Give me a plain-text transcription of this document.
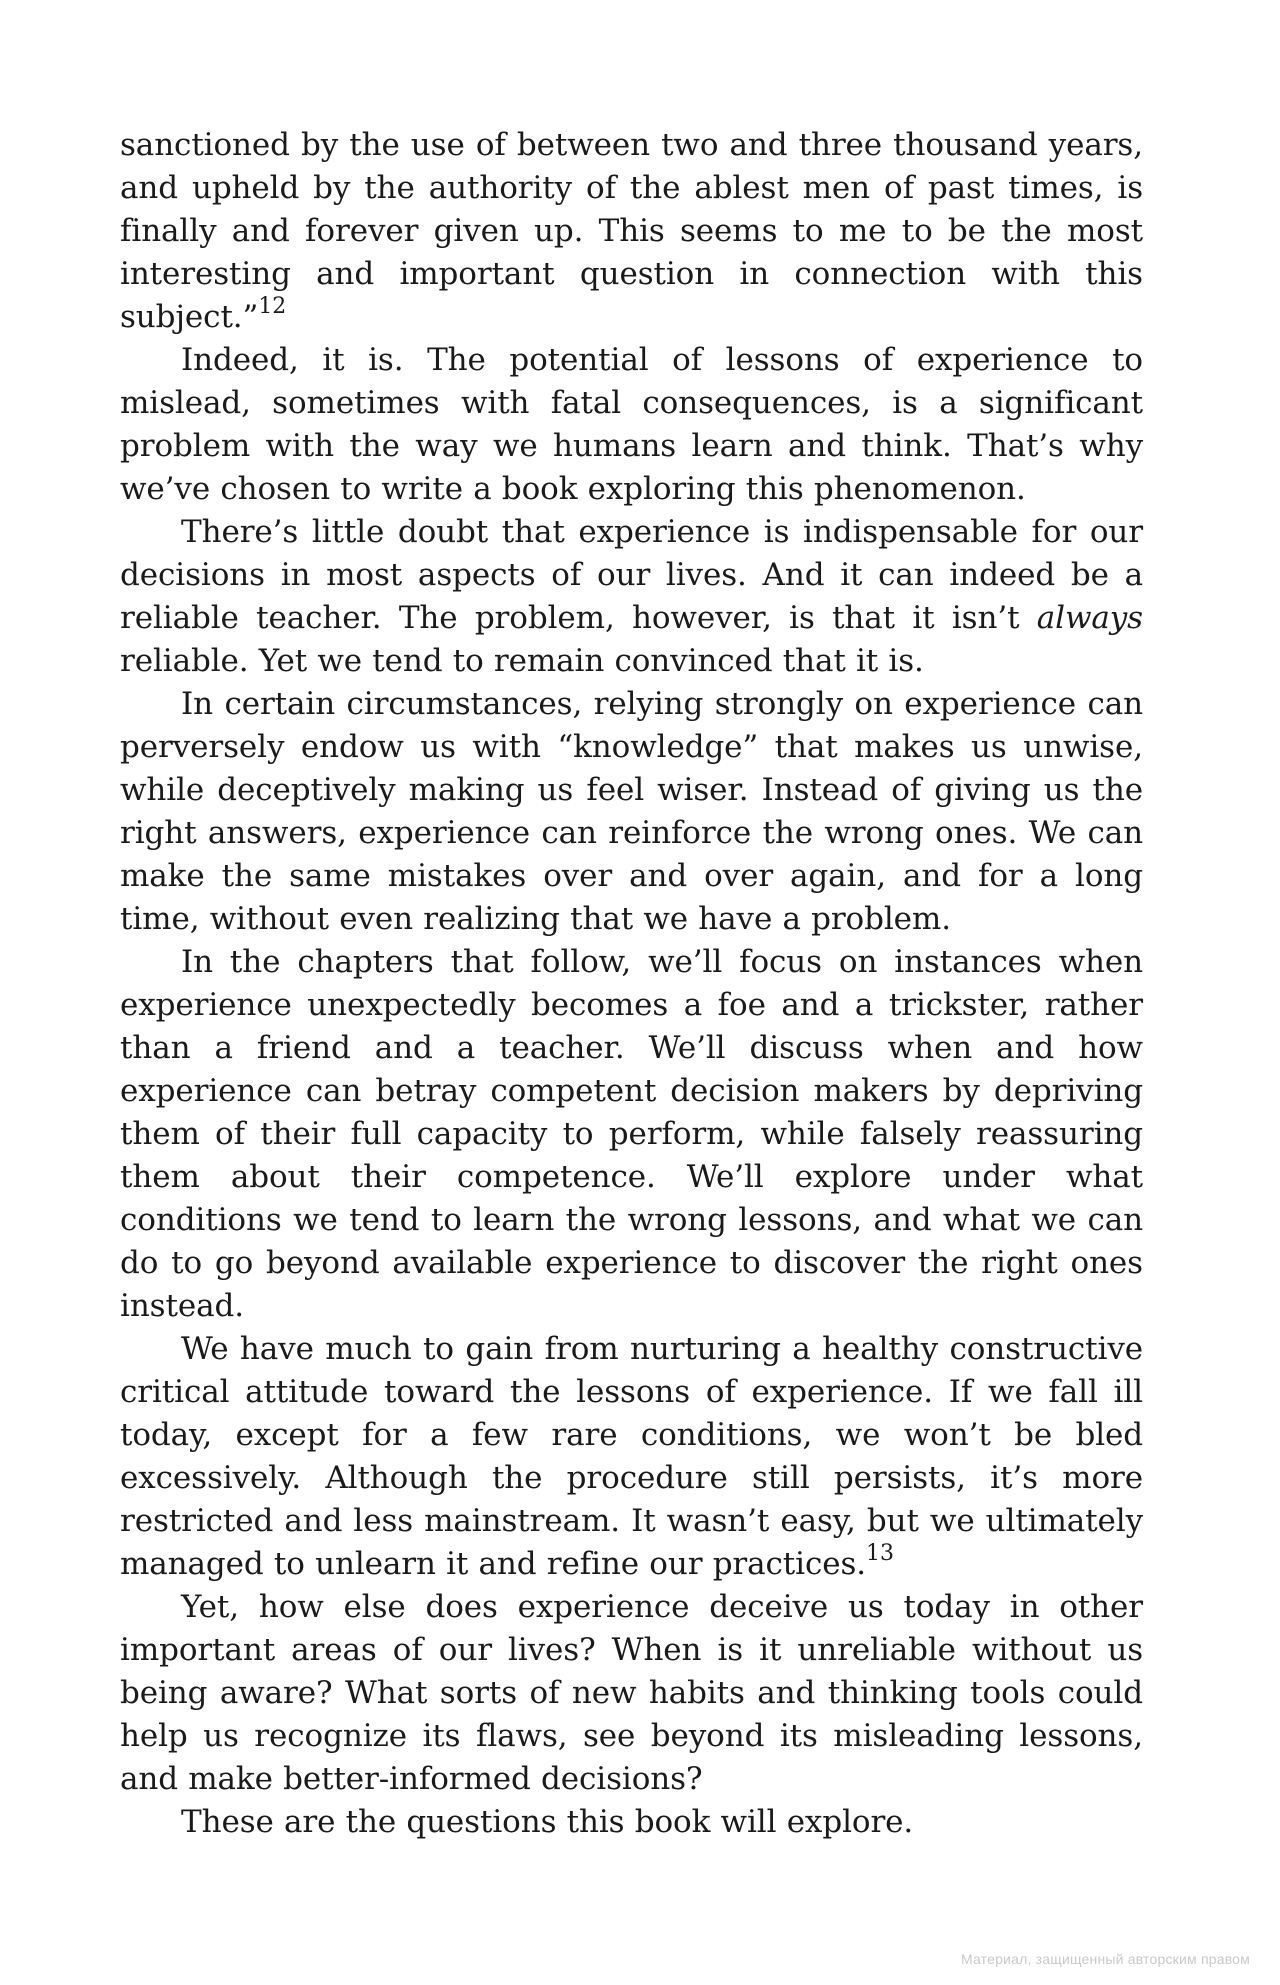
sanctioned by the use of between two and three thousand years, and upheld by the authority of the ablest men of past times, is finally and forever given up. This seems to me to be the most interesting and important question in connection with this subject.”$^{12}$

Indeed, it is. The potential of lessons of experience to mislead, sometimes with fatal consequences, is a significant problem with the way we humans learn and think. That’s why we’ve chosen to write a book exploring this phenomenon.

There’s little doubt that experience is indispensable for our decisions in most aspects of our lives. And it can indeed be a reliable teacher. The problem, however, is that it isn’t always reliable. Yet we tend to remain convinced that it is.

In certain circumstances, relying strongly on experience can perversely endow us with “knowledge” that makes us unwise, while deceptively making us feel wiser. Instead of giving us the right answers, experience can reinforce the wrong ones. We can make the same mistakes over and over again, and for a long time, without even realizing that we have a problem.

In the chapters that follow, we’ll focus on instances when experience unexpectedly becomes a foe and a trickster, rather than a friend and a teacher. We’ll discuss when and how experience can betray competent decision makers by depriving them of their full capacity to perform, while falsely reassuring them about their competence. We’ll explore under what conditions we tend to learn the wrong lessons, and what we can do to go beyond available experience to discover the right ones instead.

We have much to gain from nurturing a healthy constructive critical attitude toward the lessons of experience. If we fall ill today, except for a few rare conditions, we won’t be bled excessively. Although the procedure still persists, it’s more restricted and less mainstream. It wasn’t easy, but we ultimately managed to unlearn it and refine our practices.$^{13}$

Yet, how else does experience deceive us today in other important areas of our lives? When is it unreliable without us being aware? What sorts of new habits and thinking tools could help us recognize its flaws, see beyond its misleading lessons, and make better-informed decisions?

These are the questions this book will explore.

Материал, защищенный авторским правом
